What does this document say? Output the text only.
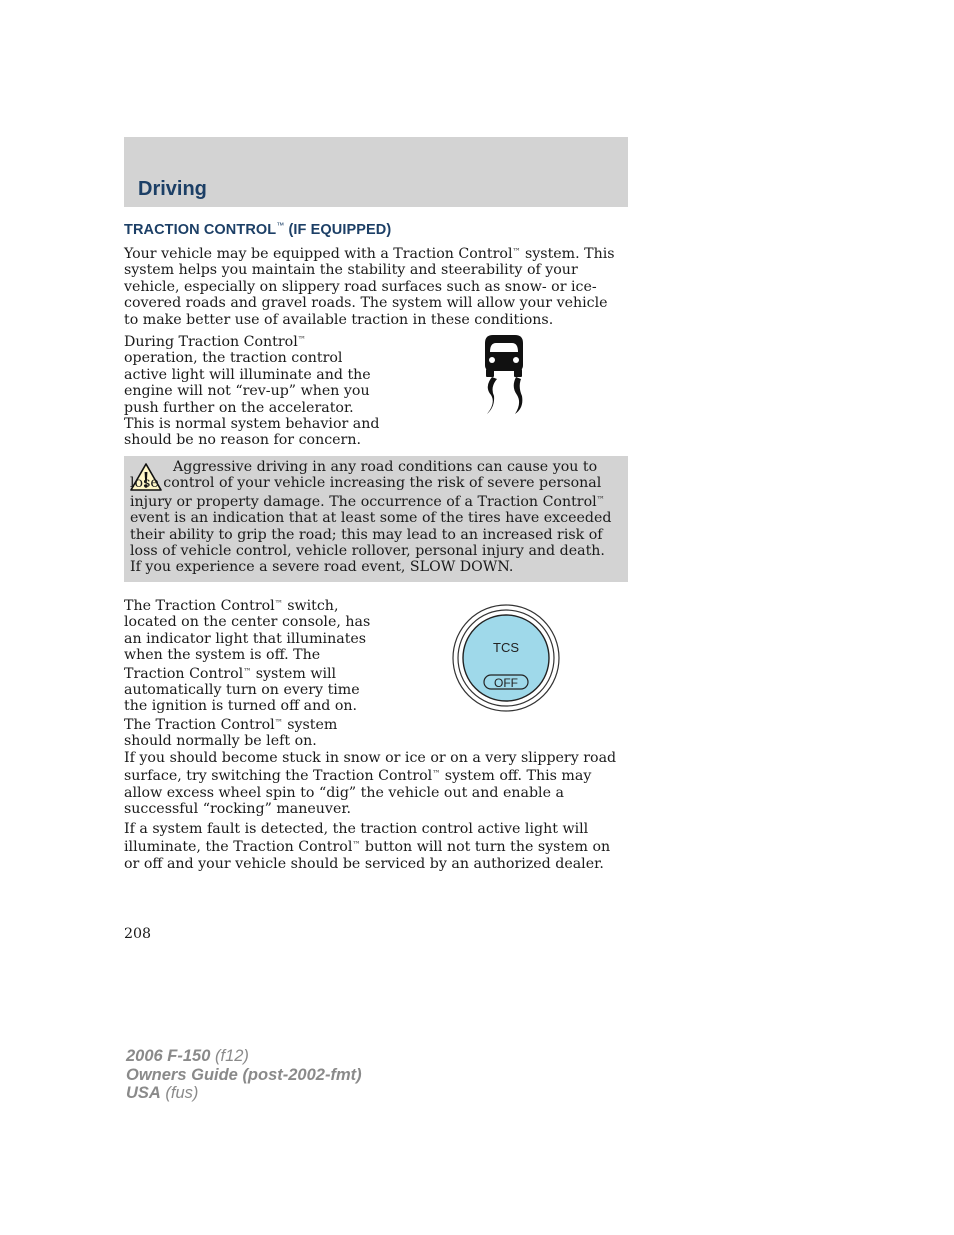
Driving
TRACTION CONTROL™ (IF EQUIPPED)

Your vehicle may be equipped with a Traction Control™ system. This system helps you maintain the stability and steerability of your vehicle, especially on slippery road surfaces such as snow- or ice-covered roads and gravel roads. The system will allow your vehicle to make better use of available traction in these conditions.

During Traction Control™ operation, the traction control active light will illuminate and the engine will not “rev-up” when you push further on the accelerator. This is normal system behavior and should be no reason for concern.

Aggressive driving in any road conditions can cause you to lose control of your vehicle increasing the risk of severe personal injury or property damage. The occurrence of a Traction Control™ event is an indication that at least some of the tires have exceeded their ability to grip the road; this may lead to an increased risk of loss of vehicle control, vehicle rollover, personal injury and death. If you experience a severe road event, SLOW DOWN.

The Traction Control™ switch, located on the center console, has an indicator light that illuminates when the system is off. The Traction Control™ system will automatically turn on every time the ignition is turned off and on. The Traction Control™ system should normally be left on.

TCS
OFF

If you should become stuck in snow or ice or on a very slippery road surface, try switching the Traction Control™ system off. This may allow excess wheel spin to “dig” the vehicle out and enable a successful “rocking” maneuver.

If a system fault is detected, the traction control active light will illuminate, the Traction Control™ button will not turn the system on or off and your vehicle should be serviced by an authorized dealer.

208
2006 F-150 (f12)
Owners Guide (post-2002-fmt)
USA (fus)
